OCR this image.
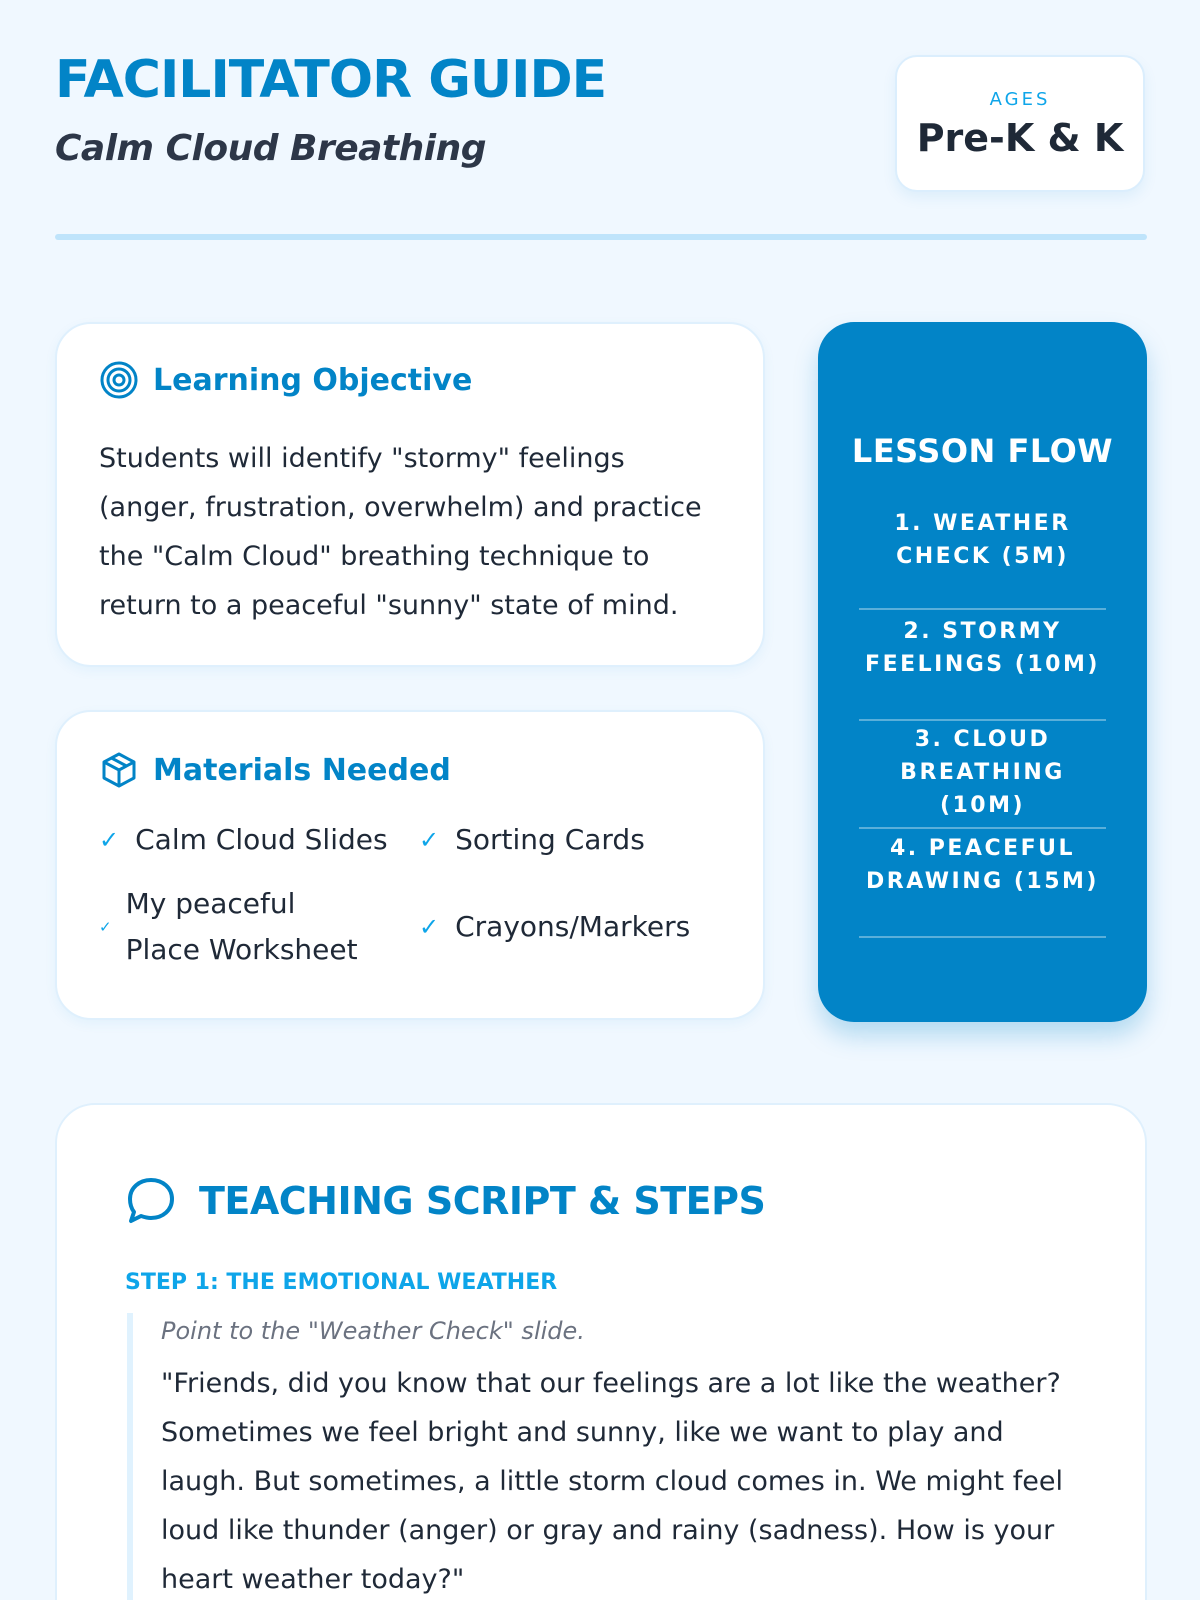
FACILITATOR GUIDE
Calm Cloud Breathing
AGES
Pre-K & K
Learning Objective

Students will identify "stormy" feelings (anger, frustration, overwhelm) and practice the "Calm Cloud" breathing technique to return to a peaceful "sunny" state of mind.

Materials Needed
✓ Calm Cloud Slides ✓ Sorting Cards
✓
My peaceful Place Worksheet
✓ Crayons/Markers
LESSON FLOW
1. WEATHER CHECK (5M)
2. STORMY FEELINGS (10M)
3. CLOUD BREATHING (10M)
4. PEACEFUL DRAWING (15M)
TEACHING SCRIPT & STEPS
STEP 1: THE EMOTIONAL WEATHER
Point to the "Weather Check" slide.
"Friends, did you know that our feelings are a lot like the weather? Sometimes we feel bright and sunny, like we want to play and laugh. But sometimes, a little storm cloud comes in. We might feel loud like thunder (anger) or gray and rainy (sadness). How is your heart weather today?"
